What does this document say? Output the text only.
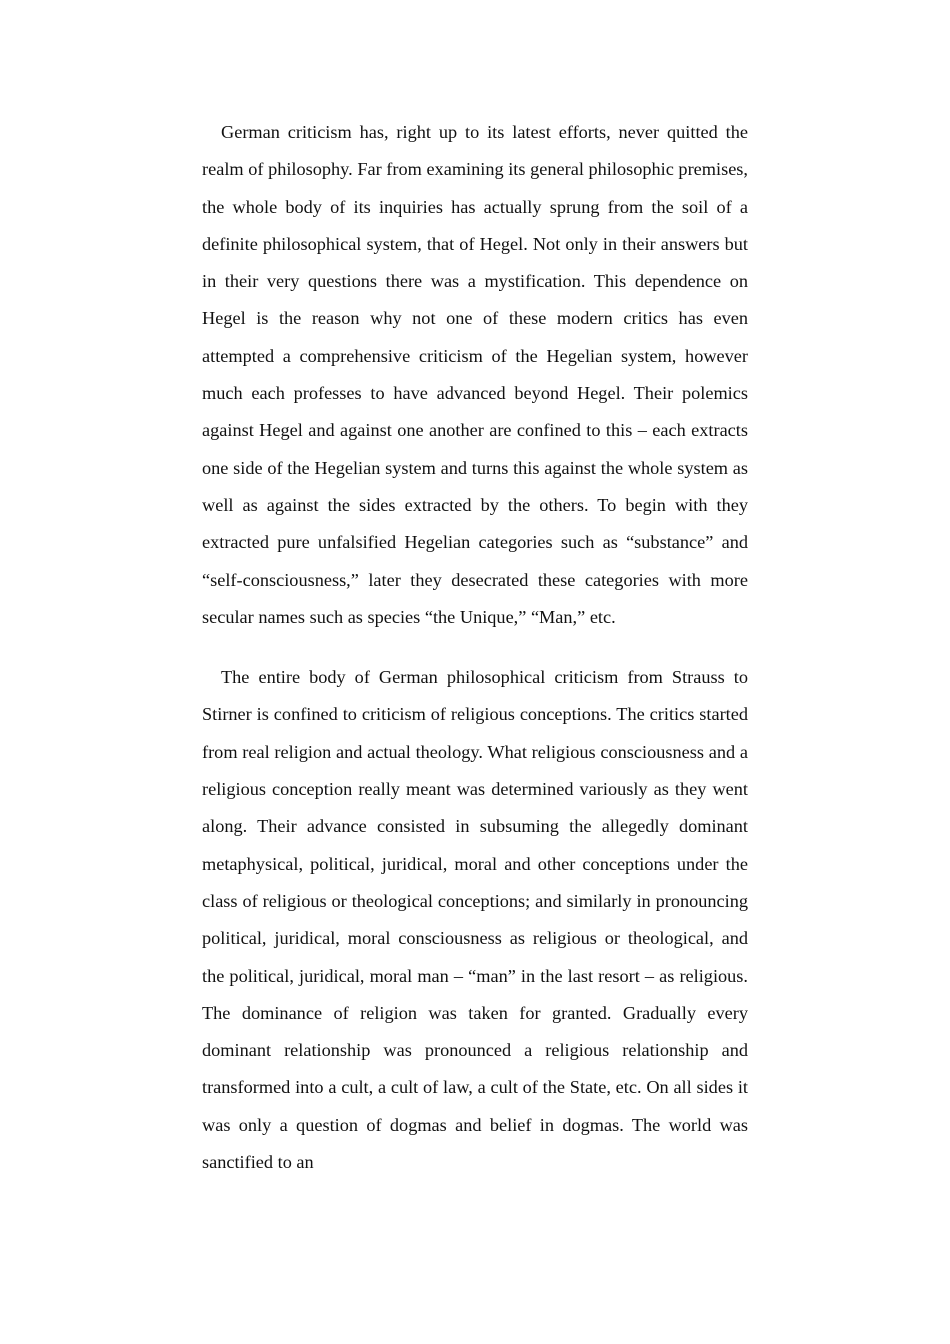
German criticism has, right up to its latest efforts, never quitted the realm of philosophy. Far from examining its general philosophic premises, the whole body of its inquiries has actually sprung from the soil of a definite philosophical system, that of Hegel. Not only in their answers but in their very questions there was a mystification. This dependence on Hegel is the reason why not one of these modern critics has even attempted a comprehensive criticism of the Hegelian system, however much each professes to have advanced beyond Hegel. Their polemics against Hegel and against one another are confined to this – each extracts one side of the Hegelian system and turns this against the whole system as well as against the sides extracted by the others. To begin with they extracted pure unfalsified Hegelian categories such as “substance” and “self-consciousness,” later they desecrated these categories with more secular names such as species “the Unique,” “Man,” etc.

The entire body of German philosophical criticism from Strauss to Stirner is confined to criticism of religious conceptions. The critics started from real religion and actual theology. What religious consciousness and a religious conception really meant was determined variously as they went along. Their advance consisted in subsuming the allegedly dominant metaphysical, political, juridical, moral and other conceptions under the class of religious or theological conceptions; and similarly in pronouncing political, juridical, moral consciousness as religious or theological, and the political, juridical, moral man – “man” in the last resort – as religious. The dominance of religion was taken for granted. Gradually every dominant relationship was pronounced a religious relationship and transformed into a cult, a cult of law, a cult of the State, etc. On all sides it was only a question of dogmas and belief in dogmas. The world was sanctified to an
